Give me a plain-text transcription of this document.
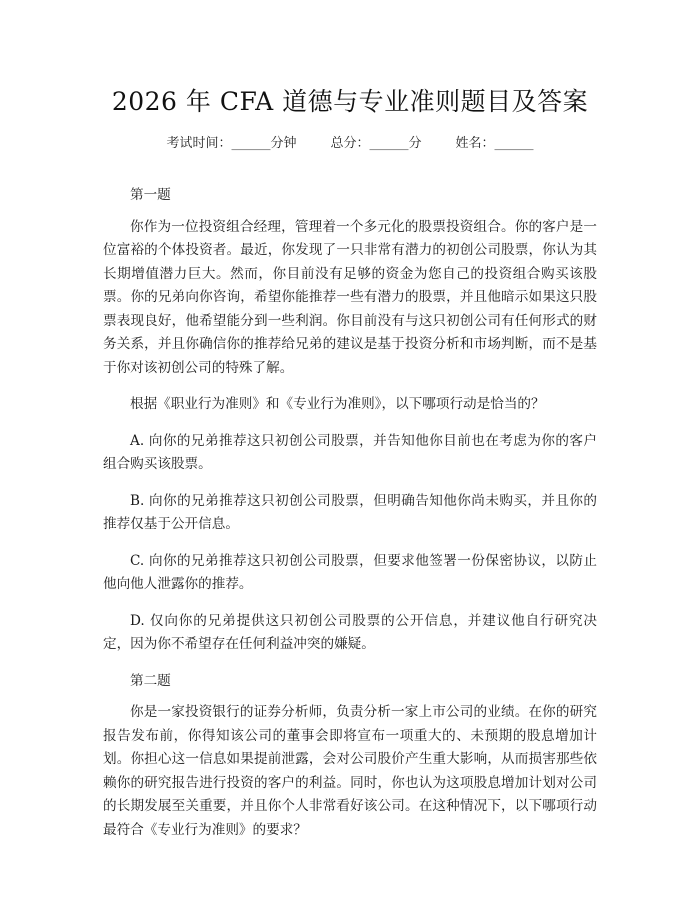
2026 年 CFA 道德与专业准则题目及答案
考试时间：______分钟	总分：______分	姓名：______

第一题

你作为一位投资组合经理，管理着一个多元化的股票投资组合。你的客户是一位富裕的个体投资者。最近，你发现了一只非常有潜力的初创公司股票，你认为其长期增值潜力巨大。然而，你目前没有足够的资金为您自己的投资组合购买该股票。你的兄弟向你咨询，希望你能推荐一些有潜力的股票，并且他暗示如果这只股票表现良好，他希望能分到一些利润。你目前没有与这只初创公司有任何形式的财务关系，并且你确信你的推荐给兄弟的建议是基于投资分析和市场判断，而不是基于你对该初创公司的特殊了解。

根据《职业行为准则》和《专业行为准则》，以下哪项行动是恰当的？

A. 向你的兄弟推荐这只初创公司股票，并告知他你目前也在考虑为你的客户组合购买该股票。

B. 向你的兄弟推荐这只初创公司股票，但明确告知他你尚未购买，并且你的推荐仅基于公开信息。

C. 向你的兄弟推荐这只初创公司股票，但要求他签署一份保密协议，以防止他向他人泄露你的推荐。

D. 仅向你的兄弟提供这只初创公司股票的公开信息，并建议他自行研究决定，因为你不希望存在任何利益冲突的嫌疑。

第二题

你是一家投资银行的证券分析师，负责分析一家上市公司的业绩。在你的研究报告发布前，你得知该公司的董事会即将宣布一项重大的、未预期的股息增加计划。你担心这一信息如果提前泄露，会对公司股价产生重大影响，从而损害那些依赖你的研究报告进行投资的客户的利益。同时，你也认为这项股息增加计划对公司的长期发展至关重要，并且你个人非常看好该公司。在这种情况下，以下哪项行动最符合《专业行为准则》的要求？
